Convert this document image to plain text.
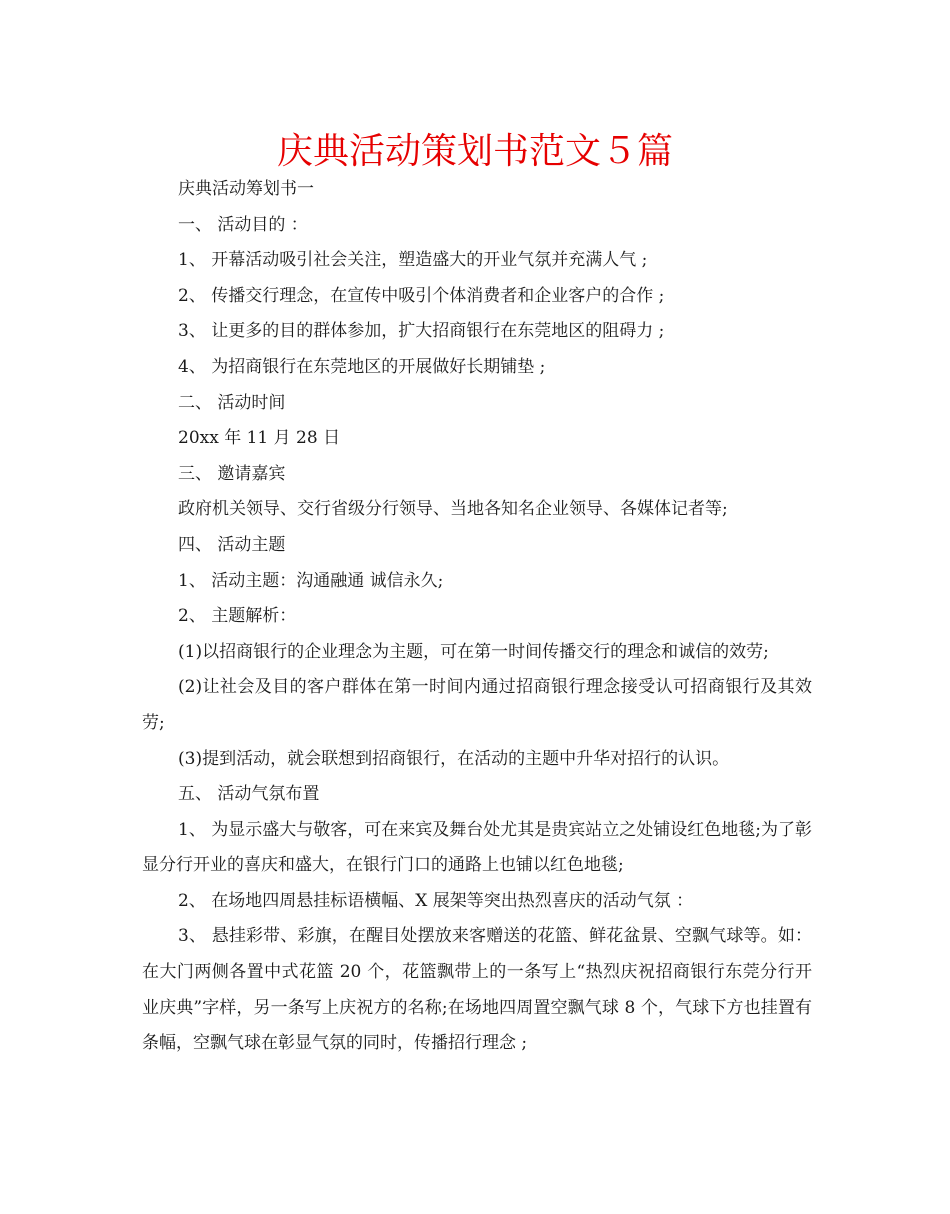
庆典活动策划书范文５篇

庆典活动筹划书一

一、 活动目的 ：

1、 开幕活动吸引社会关注，塑造盛大的开业气氛并充满人气 ;

2、 传播交行理念，在宣传中吸引个体消费者和企业客户的合作 ;

3、 让更多的目的群体参加，扩大招商银行在东莞地区的阻碍力 ;

4、 为招商银行在东莞地区的开展做好长期铺垫 ;

二、 活动时间

20xx 年 11 月 28 日

三、 邀请嘉宾

政府机关领导、交行省级分行领导、当地各知名企业领导、各媒体记者等;

四、 活动主题

1、 活动主题：沟通融通 诚信永久;

2、 主题解析：

(1)以招商银行的企业理念为主题，可在第一时间传播交行的理念和诚信的效劳;

(2)让社会及目的客户群体在第一时间内通过招商银行理念接受认可招商银行及其效劳;

(3)提到活动，就会联想到招商银行，在活动的主题中升华对招行的认识。

五、 活动气氛布置

1、 为显示盛大与敬客，可在来宾及舞台处尤其是贵宾站立之处铺设红色地毯;为了彰显分行开业的喜庆和盛大，在银行门口的通路上也铺以红色地毯;

2、 在场地四周悬挂标语横幅、X 展架等突出热烈喜庆的活动气氛 ：

3、 悬挂彩带、彩旗，在醒目处摆放来客赠送的花篮、鲜花盆景、空飘气球等。如：在大门两侧各置中式花篮 20 个，花篮飘带上的一条写上“热烈庆祝招商银行东莞分行开业庆典”字样，另一条写上庆祝方的名称;在场地四周置空飘气球 8 个，气球下方也挂置有条幅，空飘气球在彰显气氛的同时，传播招行理念 ;
